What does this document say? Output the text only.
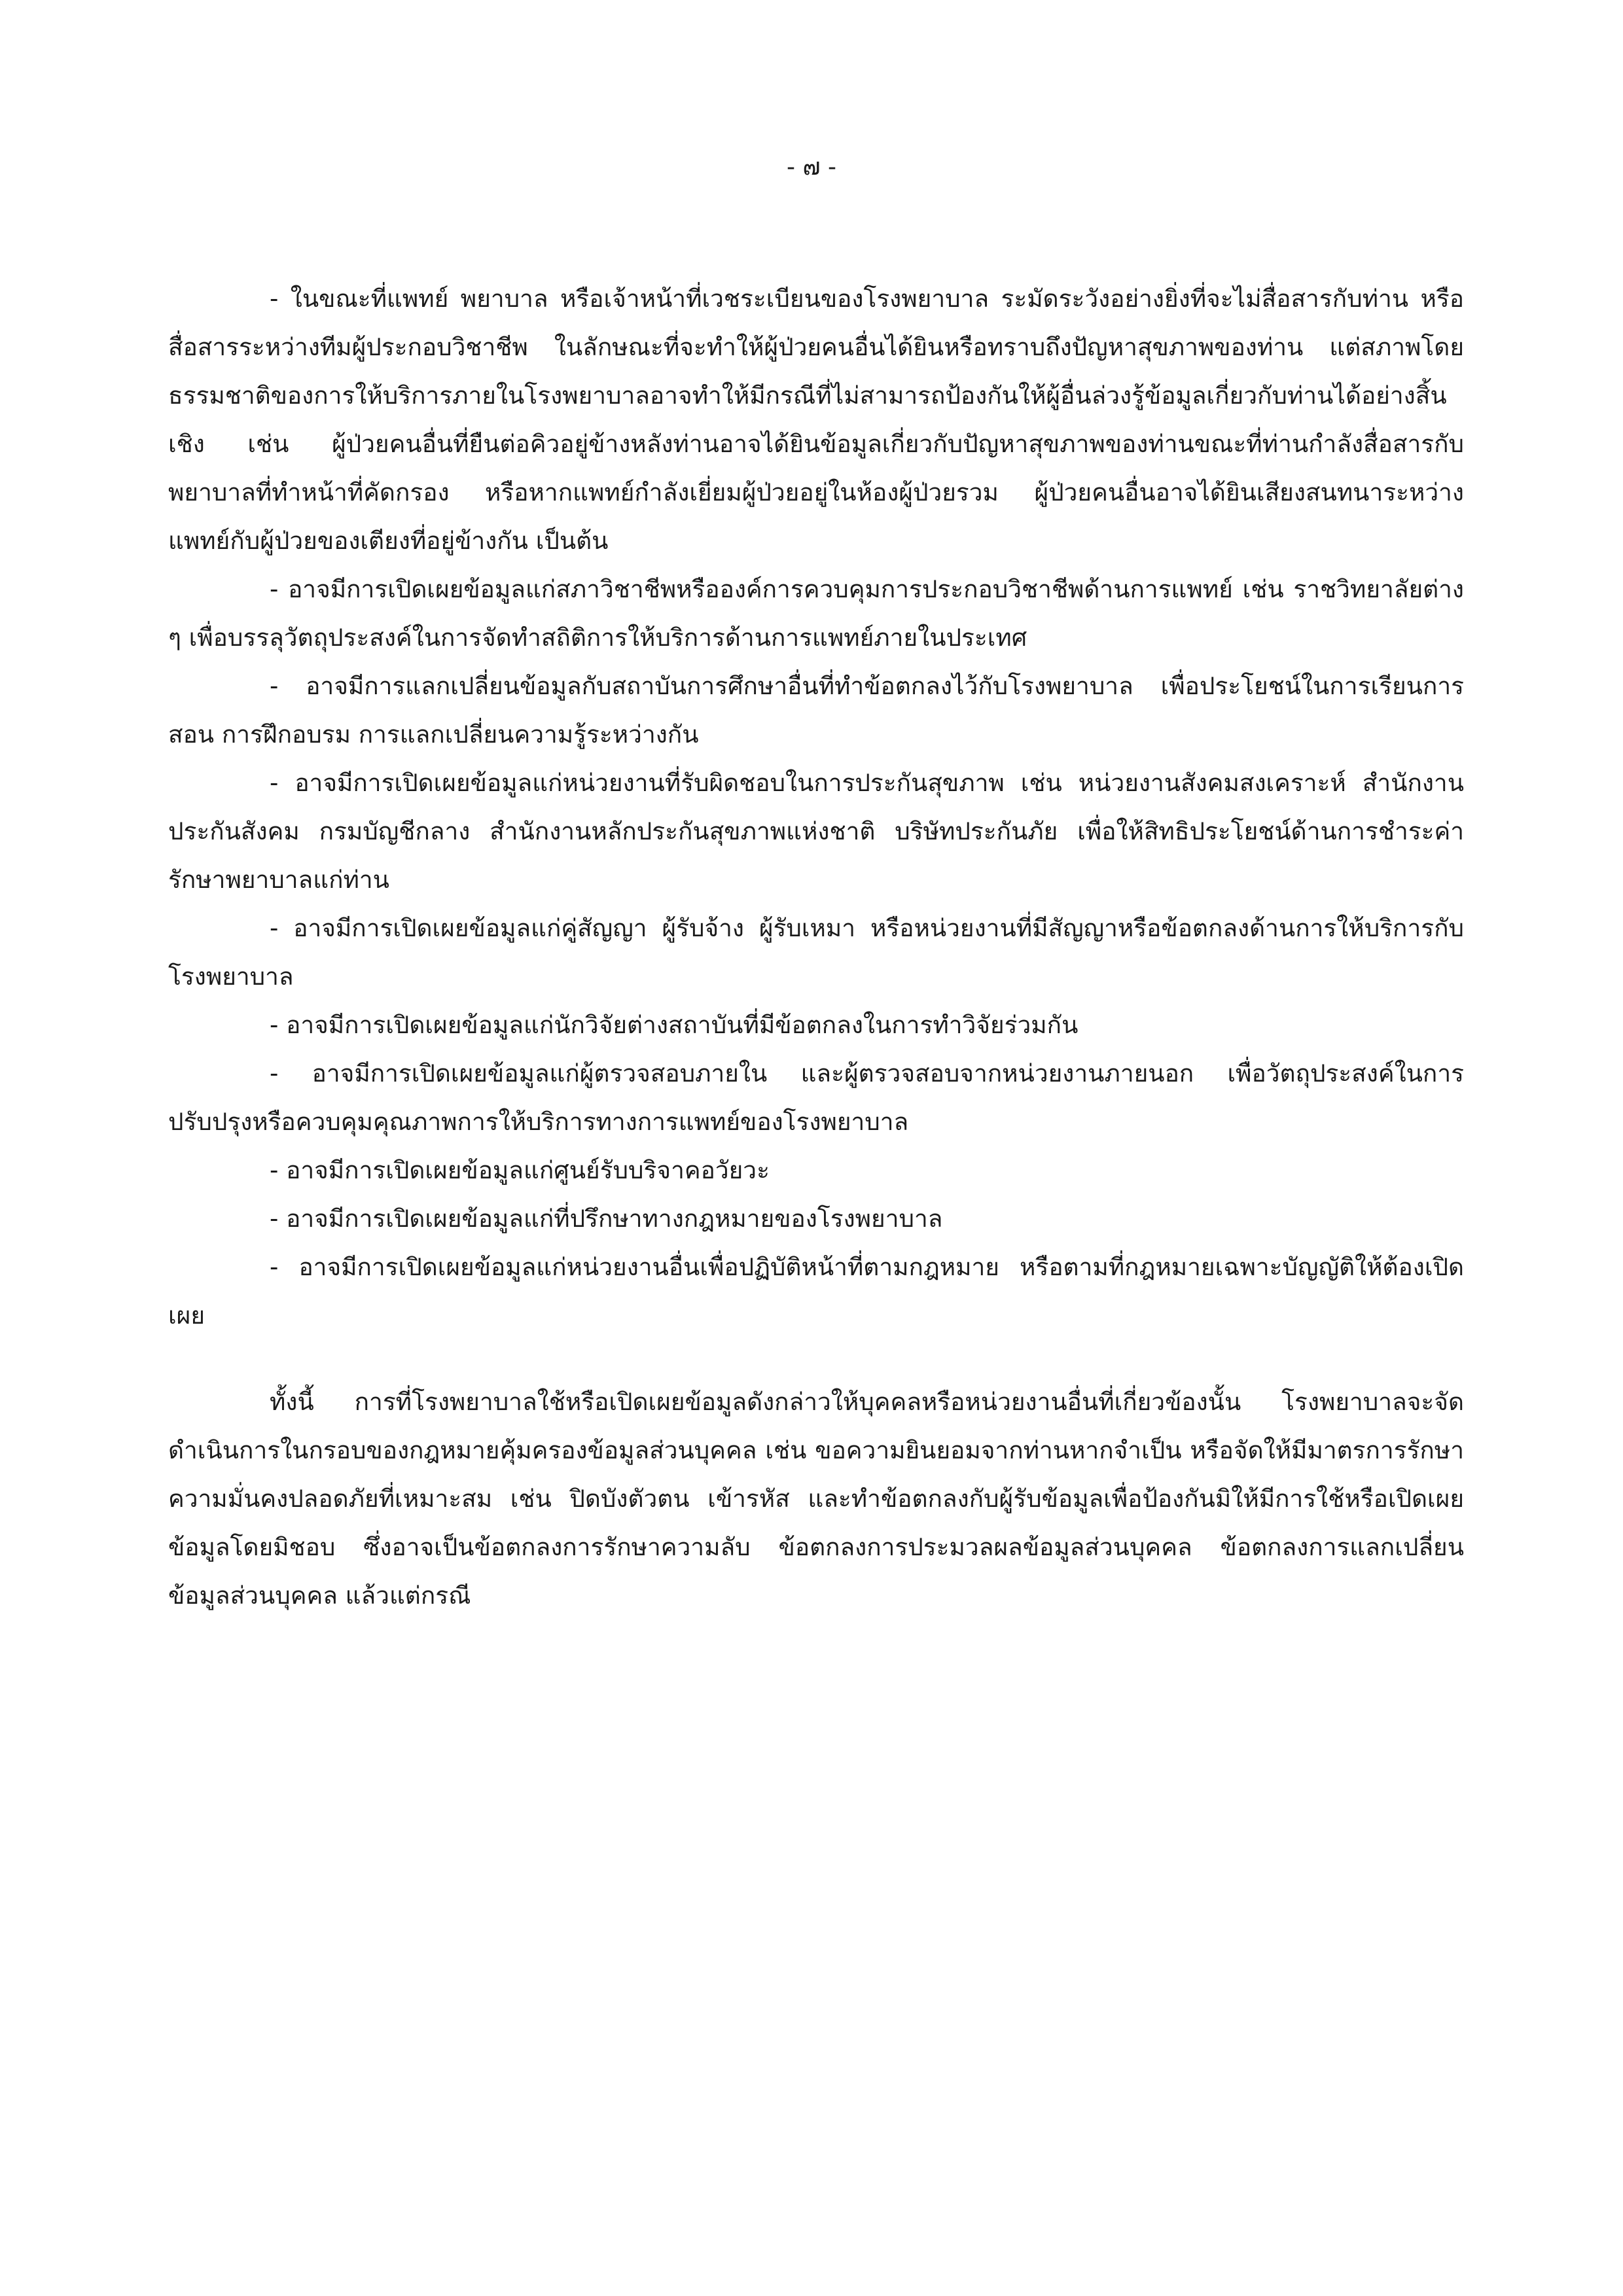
- ๗ -

- ในขณะที่แพทย์ พยาบาล หรือเจ้าหน้าที่เวชระเบียนของโรงพยาบาล ระมัดระวังอย่างยิ่งที่จะไม่สื่อสารกับท่าน หรือสื่อสารระหว่างทีมผู้ประกอบวิชาชีพ ในลักษณะที่จะทำให้ผู้ป่วยคนอื่นได้ยินหรือทราบถึงปัญหาสุขภาพของท่าน แต่สภาพโดยธรรมชาติของการให้บริการภายในโรงพยาบาลอาจทำให้มีกรณีที่ไม่สามารถป้องกันให้ผู้อื่นล่วงรู้ข้อมูลเกี่ยวกับท่านได้อย่างสิ้นเชิง เช่น ผู้ป่วยคนอื่นที่ยืนต่อคิวอยู่ข้างหลังท่านอาจได้ยินข้อมูลเกี่ยวกับปัญหาสุขภาพของท่านขณะที่ท่านกำลังสื่อสารกับพยาบาลที่ทำหน้าที่คัดกรอง หรือหากแพทย์กำลังเยี่ยมผู้ป่วยอยู่ในห้องผู้ป่วยรวม ผู้ป่วยคนอื่นอาจได้ยินเสียงสนทนาระหว่างแพทย์กับผู้ป่วยของเตียงที่อยู่ข้างกัน เป็นต้น

- อาจมีการเปิดเผยข้อมูลแก่สภาวิชาชีพหรือองค์การควบคุมการประกอบวิชาชีพด้านการแพทย์ เช่น ราชวิทยาลัยต่าง ๆ เพื่อบรรลุวัตถุประสงค์ในการจัดทำสถิติการให้บริการด้านการแพทย์ภายในประเทศ

- อาจมีการแลกเปลี่ยนข้อมูลกับสถาบันการศึกษาอื่นที่ทำข้อตกลงไว้กับโรงพยาบาล เพื่อประโยชน์ในการเรียนการสอน การฝึกอบรม การแลกเปลี่ยนความรู้ระหว่างกัน

- อาจมีการเปิดเผยข้อมูลแก่หน่วยงานที่รับผิดชอบในการประกันสุขภาพ เช่น หน่วยงานสังคมสงเคราะห์ สำนักงานประกันสังคม กรมบัญชีกลาง สำนักงานหลักประกันสุขภาพแห่งชาติ บริษัทประกันภัย เพื่อให้สิทธิประโยชน์ด้านการชำระค่ารักษาพยาบาลแก่ท่าน

- อาจมีการเปิดเผยข้อมูลแก่คู่สัญญา ผู้รับจ้าง ผู้รับเหมา หรือหน่วยงานที่มีสัญญาหรือข้อตกลงด้านการให้บริการกับโรงพยาบาล

- อาจมีการเปิดเผยข้อมูลแก่นักวิจัยต่างสถาบันที่มีข้อตกลงในการทำวิจัยร่วมกัน

- อาจมีการเปิดเผยข้อมูลแก่ผู้ตรวจสอบภายใน และผู้ตรวจสอบจากหน่วยงานภายนอก เพื่อวัตถุประสงค์ในการปรับปรุงหรือควบคุมคุณภาพการให้บริการทางการแพทย์ของโรงพยาบาล

- อาจมีการเปิดเผยข้อมูลแก่ศูนย์รับบริจาคอวัยวะ

- อาจมีการเปิดเผยข้อมูลแก่ที่ปรึกษาทางกฎหมายของโรงพยาบาล

- อาจมีการเปิดเผยข้อมูลแก่หน่วยงานอื่นเพื่อปฏิบัติหน้าที่ตามกฎหมาย หรือตามที่กฎหมายเฉพาะบัญญัติให้ต้องเปิดเผย

ทั้งนี้ การที่โรงพยาบาลใช้หรือเปิดเผยข้อมูลดังกล่าวให้บุคคลหรือหน่วยงานอื่นที่เกี่ยวข้องนั้น โรงพยาบาลจะจัดดำเนินการในกรอบของกฎหมายคุ้มครองข้อมูลส่วนบุคคล เช่น ขอความยินยอมจากท่านหากจำเป็น หรือจัดให้มีมาตรการรักษาความมั่นคงปลอดภัยที่เหมาะสม เช่น ปิดบังตัวตน เข้ารหัส และทำข้อตกลงกับผู้รับข้อมูลเพื่อป้องกันมิให้มีการใช้หรือเปิดเผยข้อมูลโดยมิชอบ ซึ่งอาจเป็นข้อตกลงการรักษาความลับ ข้อตกลงการประมวลผลข้อมูลส่วนบุคคล ข้อตกลงการแลกเปลี่ยนข้อมูลส่วนบุคคล แล้วแต่กรณี
